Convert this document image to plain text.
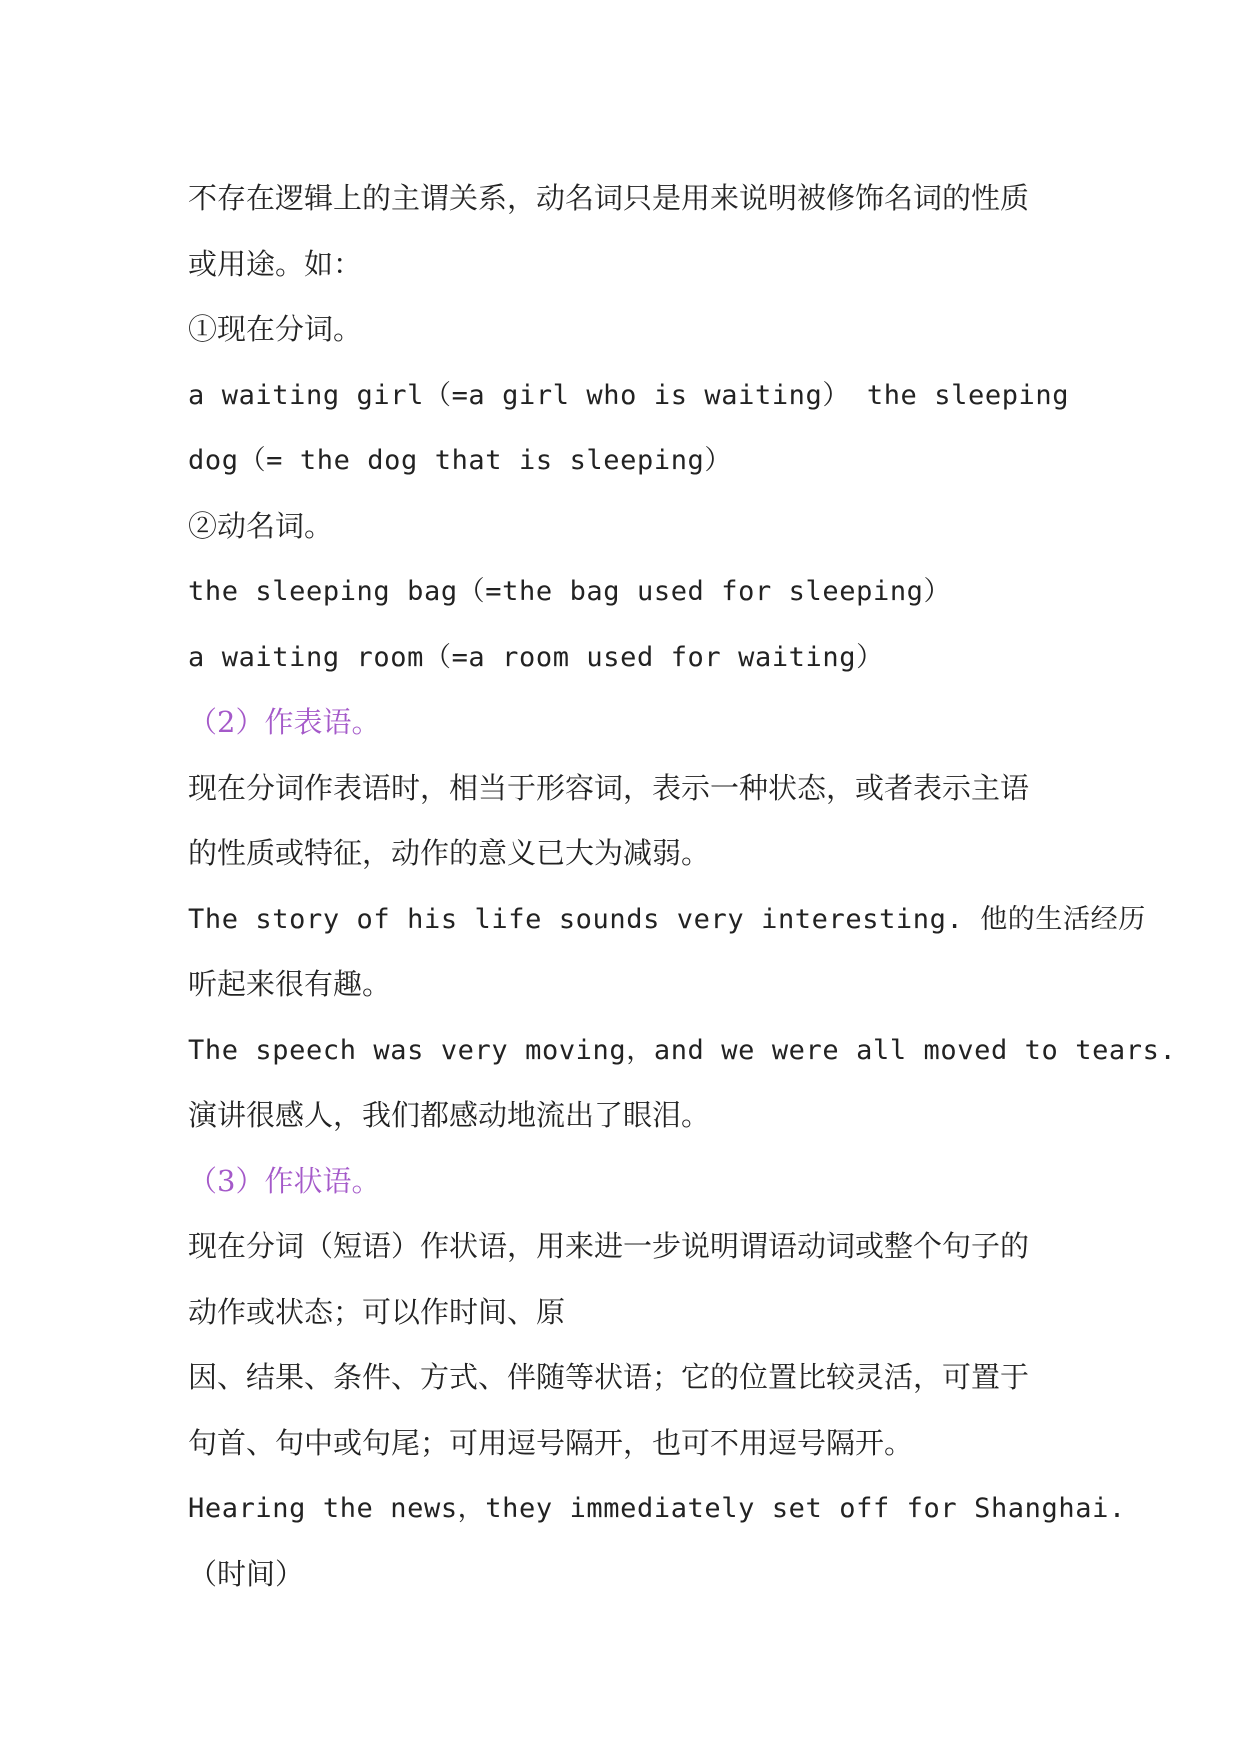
不存在逻辑上的主谓关系，动名词只是用来说明被修饰名词的性质
或用途。如：
①现在分词。
a waiting girl（=a girl who is waiting） the sleeping
dog（= the dog that is sleeping）
②动名词。
the sleeping bag（=the bag used for sleeping）
a waiting room（=a room used for waiting）
（2）作表语。
现在分词作表语时，相当于形容词，表示一种状态，或者表示主语
的性质或特征，动作的意义已大为减弱。
The story of his life sounds very interesting. 他的生活经历
听起来很有趣。
The speech was very moving，and we were all moved to tears.
演讲很感人，我们都感动地流出了眼泪。
（3）作状语。
现在分词（短语）作状语，用来进一步说明谓语动词或整个句子的
动作或状态；可以作时间、原
因、结果、条件、方式、伴随等状语；它的位置比较灵活，可置于
句首、句中或句尾；可用逗号隔开，也可不用逗号隔开。
Hearing the news，they immediately set off for Shanghai.
（时间）
